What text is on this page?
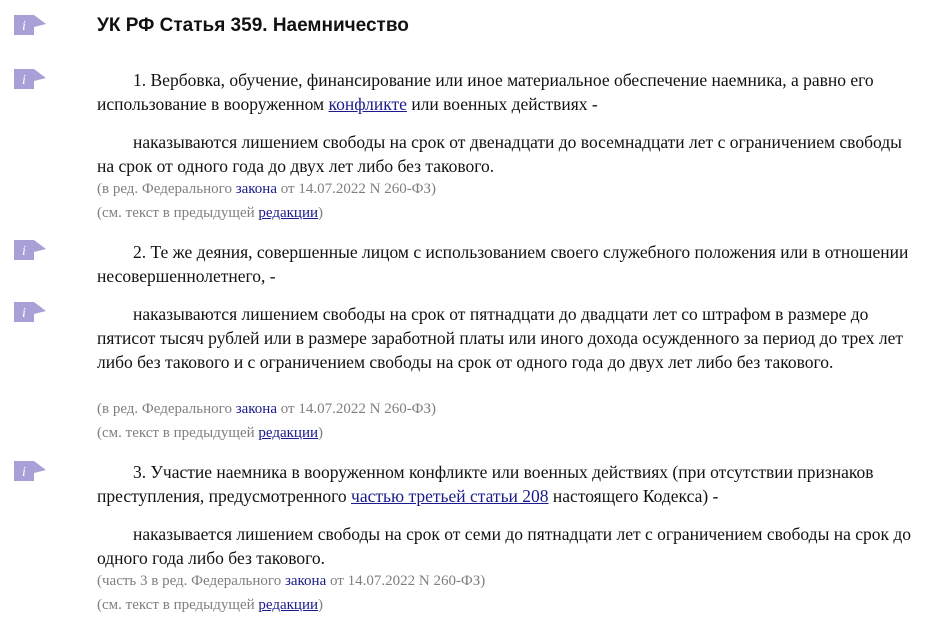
i
i
i
i
i
УК РФ Статья 359. Наемничество

1. Вербовка, обучение, финансирование или иное материальное обеспечение наемника, а равно его использование в вооруженном конфликте или военных действиях -

наказываются лишением свободы на срок от двенадцати до восемнадцати лет с ограничением свободы на срок от одного года до двух лет либо без такового.

(в ред. Федерального закона от 14.07.2022 N 260-ФЗ)

(см. текст в предыдущей редакции)

2. Те же деяния, совершенные лицом с использованием своего служебного положения или в отношении несовершеннолетнего, -

наказываются лишением свободы на срок от пятнадцати до двадцати лет со штрафом в размере до пятисот тысяч рублей или в размере заработной платы или иного дохода осужденного за период до трех лет либо без такового и с ограничением свободы на срок от одного года до двух лет либо без такового.

(в ред. Федерального закона от 14.07.2022 N 260-ФЗ)

(см. текст в предыдущей редакции)

3. Участие наемника в вооруженном конфликте или военных действиях (при отсутствии признаков преступления, предусмотренного частью третьей статьи 208 настоящего Кодекса) -

наказывается лишением свободы на срок от семи до пятнадцати лет с ограничением свободы на срок до одного года либо без такового.

(часть 3 в ред. Федерального закона от 14.07.2022 N 260-ФЗ)

(см. текст в предыдущей редакции)
